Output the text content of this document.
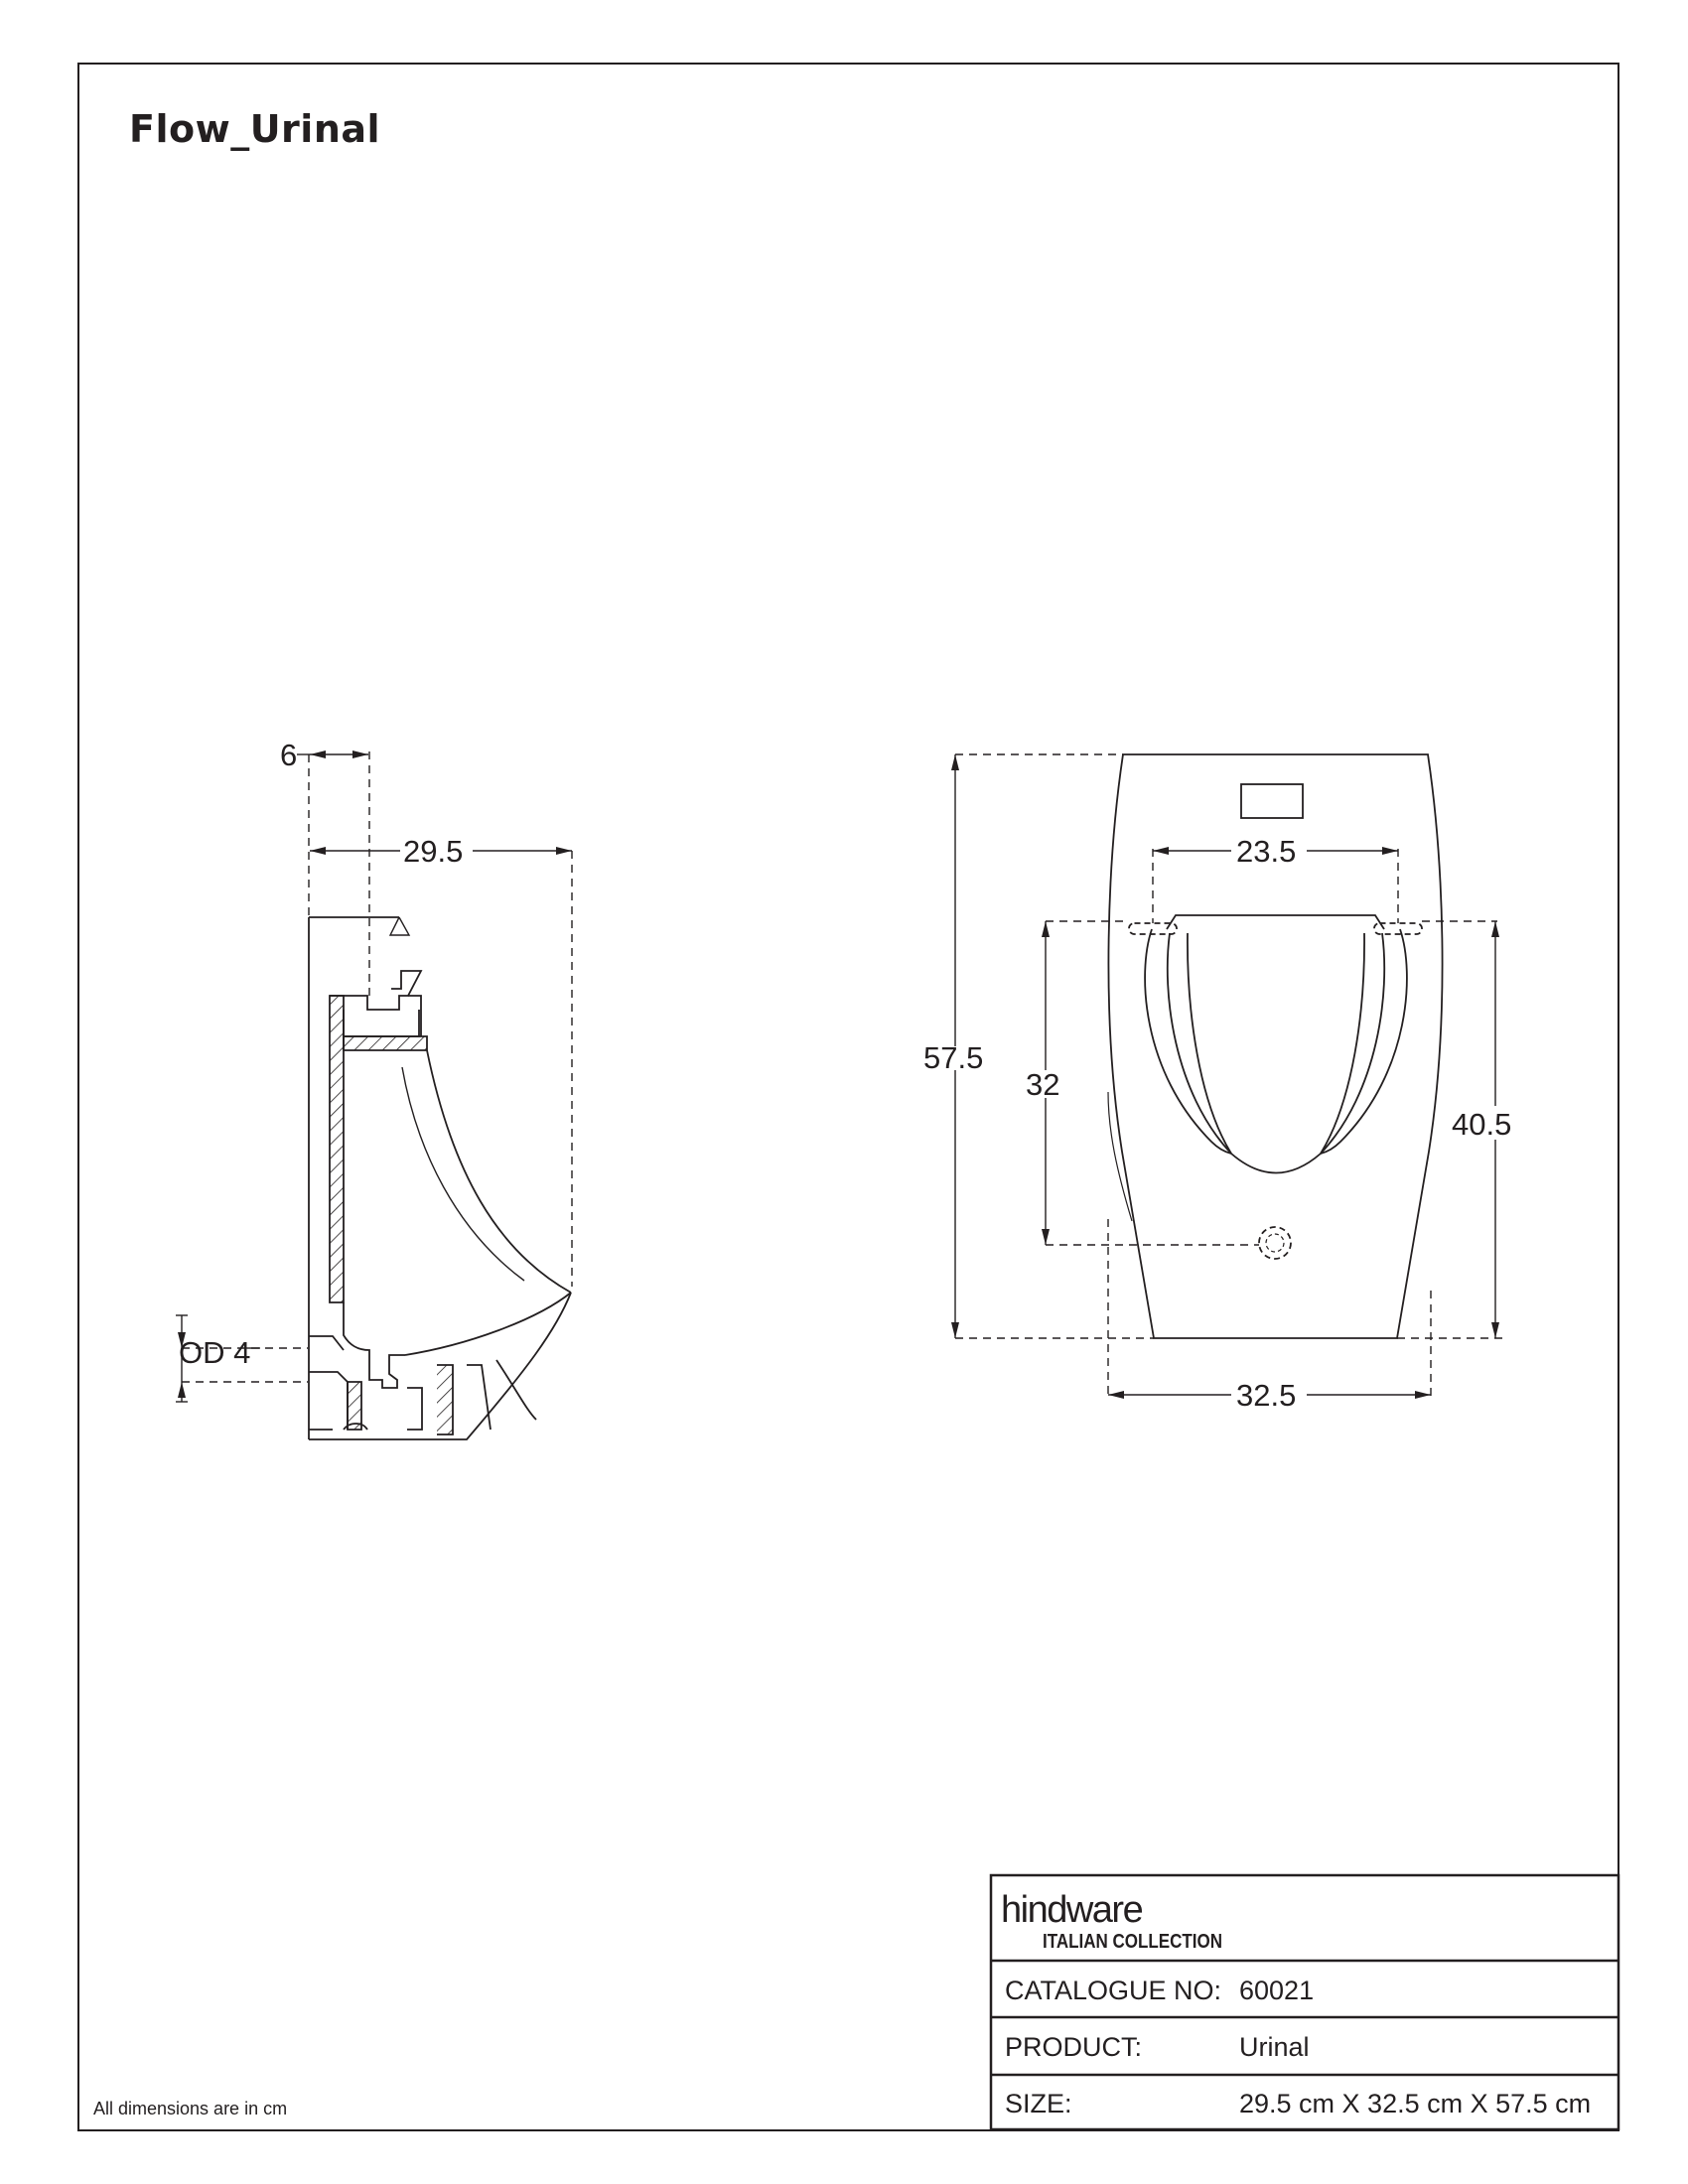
6
29.5
OD 4
23.5
57.5
32
40.5
32.5
Flow_Urinal
hindware
ITALIAN COLLECTION
CATALOGUE NO: 60021
PRODUCT:	Urinal
SIZE:	29.5 cm X 32.5 cm X 57.5 cm
All dimensions are in cm
